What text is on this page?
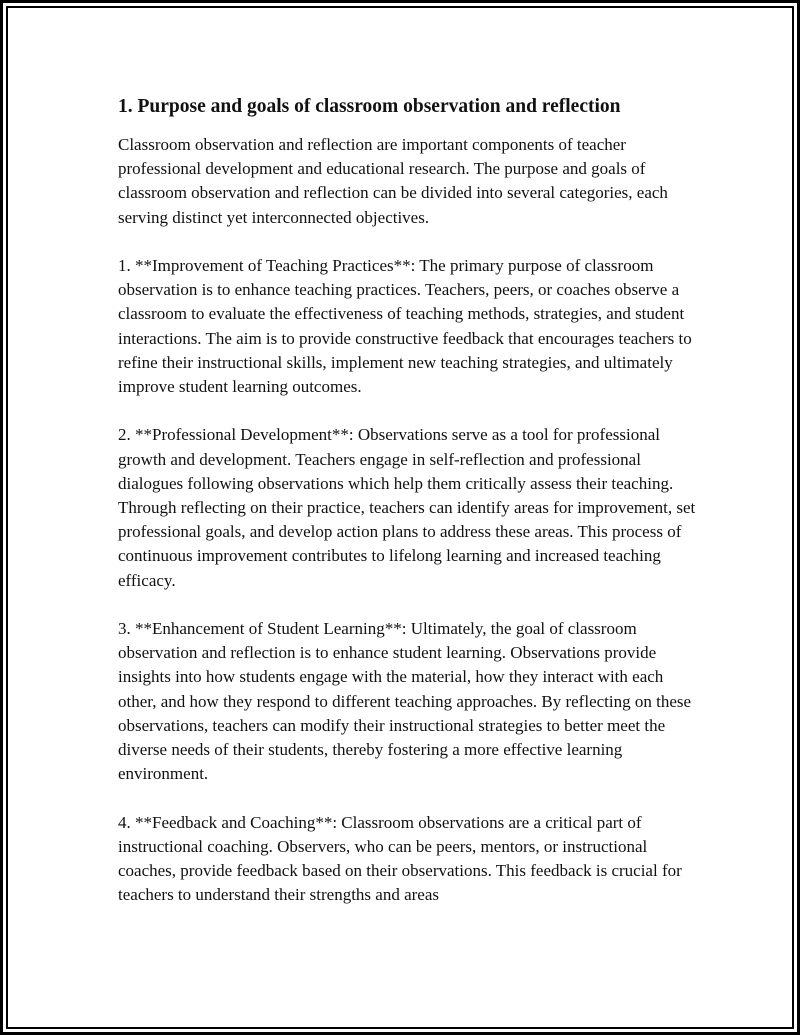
1. Purpose and goals of classroom observation and reflection

Classroom observation and reflection are important components of teacher professional development and educational research. The purpose and goals of classroom observation and reflection can be divided into several categories, each serving distinct yet interconnected objectives.

1. **Improvement of Teaching Practices**: The primary purpose of classroom observation is to enhance teaching practices. Teachers, peers, or coaches observe a classroom to evaluate the effectiveness of teaching methods, strategies, and student interactions. The aim is to provide constructive feedback that encourages teachers to refine their instructional skills, implement new teaching strategies, and ultimately improve student learning outcomes.

2. **Professional Development**: Observations serve as a tool for professional growth and development. Teachers engage in self-reflection and professional dialogues following observations which help them critically assess their teaching. Through reflecting on their practice, teachers can identify areas for improvement, set professional goals, and develop action plans to address these areas. This process of continuous improvement contributes to lifelong learning and increased teaching efficacy.

3. **Enhancement of Student Learning**: Ultimately, the goal of classroom observation and reflection is to enhance student learning. Observations provide insights into how students engage with the material, how they interact with each other, and how they respond to different teaching approaches. By reflecting on these observations, teachers can modify their instructional strategies to better meet the diverse needs of their students, thereby fostering a more effective learning environment.

4. **Feedback and Coaching**: Classroom observations are a critical part of instructional coaching. Observers, who can be peers, mentors, or instructional coaches, provide feedback based on their observations. This feedback is crucial for teachers to understand their strengths and areas
